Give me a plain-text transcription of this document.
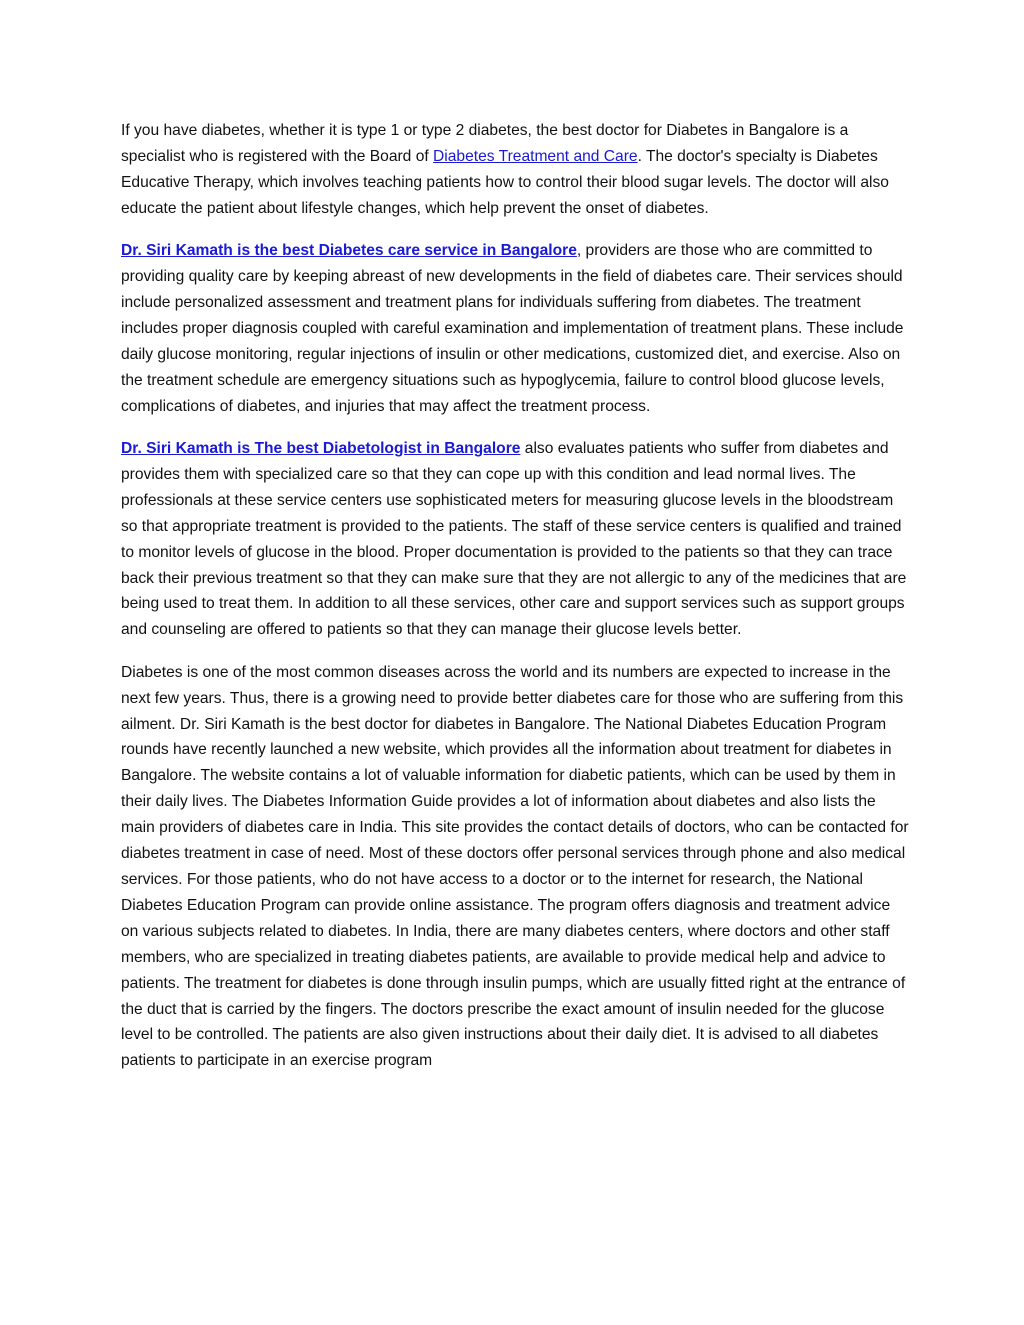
If you have diabetes, whether it is type 1 or type 2 diabetes, the best doctor for Diabetes in Bangalore is a specialist who is registered with the Board of Diabetes Treatment and Care. The doctor's specialty is Diabetes Educative Therapy, which involves teaching patients how to control their blood sugar levels. The doctor will also educate the patient about lifestyle changes, which help prevent the onset of diabetes.

Dr. Siri Kamath is the best Diabetes care service in Bangalore, providers are those who are committed to providing quality care by keeping abreast of new developments in the field of diabetes care. Their services should include personalized assessment and treatment plans for individuals suffering from diabetes. The treatment includes proper diagnosis coupled with careful examination and implementation of treatment plans. These include daily glucose monitoring, regular injections of insulin or other medications, customized diet, and exercise. Also on the treatment schedule are emergency situations such as hypoglycemia, failure to control blood glucose levels, complications of diabetes, and injuries that may affect the treatment process.

Dr. Siri Kamath is The best Diabetologist in Bangalore also evaluates patients who suffer from diabetes and provides them with specialized care so that they can cope up with this condition and lead normal lives. The professionals at these service centers use sophisticated meters for measuring glucose levels in the bloodstream so that appropriate treatment is provided to the patients. The staff of these service centers is qualified and trained to monitor levels of glucose in the blood. Proper documentation is provided to the patients so that they can trace back their previous treatment so that they can make sure that they are not allergic to any of the medicines that are being used to treat them. In addition to all these services, other care and support services such as support groups and counseling are offered to patients so that they can manage their glucose levels better.

Diabetes is one of the most common diseases across the world and its numbers are expected to increase in the next few years. Thus, there is a growing need to provide better diabetes care for those who are suffering from this ailment. Dr. Siri Kamath is the best doctor for diabetes in Bangalore. The National Diabetes Education Program rounds have recently launched a new website, which provides all the information about treatment for diabetes in Bangalore. The website contains a lot of valuable information for diabetic patients, which can be used by them in their daily lives. The Diabetes Information Guide provides a lot of information about diabetes and also lists the main providers of diabetes care in India. This site provides the contact details of doctors, who can be contacted for diabetes treatment in case of need. Most of these doctors offer personal services through phone and also medical services. For those patients, who do not have access to a doctor or to the internet for research, the National Diabetes Education Program can provide online assistance. The program offers diagnosis and treatment advice on various subjects related to diabetes. In India, there are many diabetes centers, where doctors and other staff members, who are specialized in treating diabetes patients, are available to provide medical help and advice to patients. The treatment for diabetes is done through insulin pumps, which are usually fitted right at the entrance of the duct that is carried by the fingers. The doctors prescribe the exact amount of insulin needed for the glucose level to be controlled. The patients are also given instructions about their daily diet. It is advised to all diabetes patients to participate in an exercise program
